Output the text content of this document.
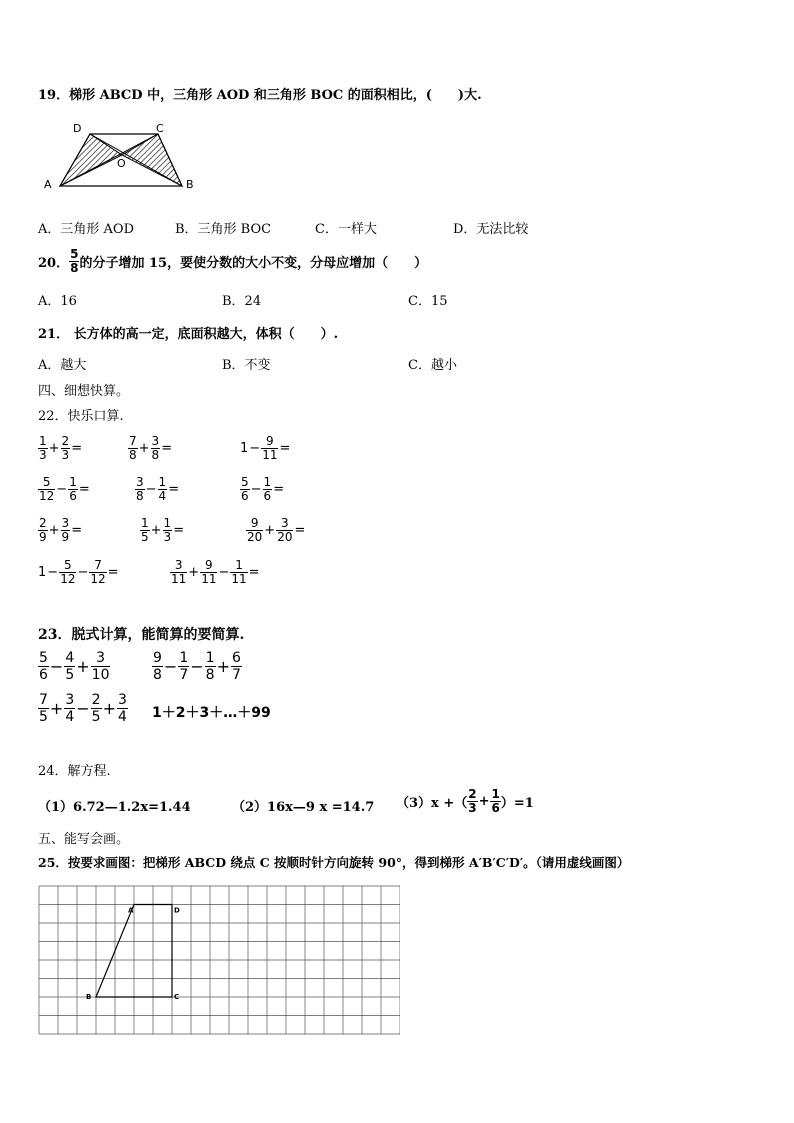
19．梯形 ABCD 中，三角形 AOD 和三角形 BOC 的面积相比，(　　)大.
D	C
O
A	B
A．三角形 AOD	B．三角形 BOC	C．一样大	D．无法比较
20． $\frac{5}{8}$ 的分子增加 15，要使分数的大小不变，分母应增加（　　）
A．16	B．24	C．15
21． 长方体的高一定，底面积越大，体积（　　）.
A．越大	B．不变	C．越小
四、细想快算。
22．快乐口算.
$\frac{1}{3} + \frac{2}{3}$ =	$\frac{7}{8} + \frac{3}{8}$ =	$1 - \frac{9}{11}$ =
$\frac{5}{12} - \frac{1}{6}$ =	$\frac{3}{8} - \frac{1}{4}$ =	$\frac{5}{6} - \frac{1}{6}$ =
$\frac{2}{9} + \frac{3}{9}$ =	$\frac{1}{5} + \frac{1}{3}$ =	$\frac{9}{20} + \frac{3}{20}$ =
$1 - \frac{5}{12} - \frac{7}{12}$ =	$\frac{3}{11} + \frac{9}{11} - \frac{1}{11}$ =
23．脱式计算，能简算的要简算.
$\frac{5}{6} - \frac{4}{5} + \frac{3}{10}$	$\frac{9}{8} - \frac{1}{7} - \frac{1}{8} + \frac{6}{7}$
$\frac{7}{5} + \frac{3}{4} - \frac{2}{5} + \frac{3}{4}$ 1＋2＋3＋…＋99
24．解方程.
（1）6.72—1.2x=1.44	（2）16x—9 x =14.7 （3）x +（ $\frac{2}{3} + \frac{1}{6} )=1$
五、能写会画。
25．按要求画图：把梯形 ABCD 绕点 C 按顺时针方向旋转 90°，得到梯形 A′B′C′D′。（请用虚线画图）
A	D
B	C
